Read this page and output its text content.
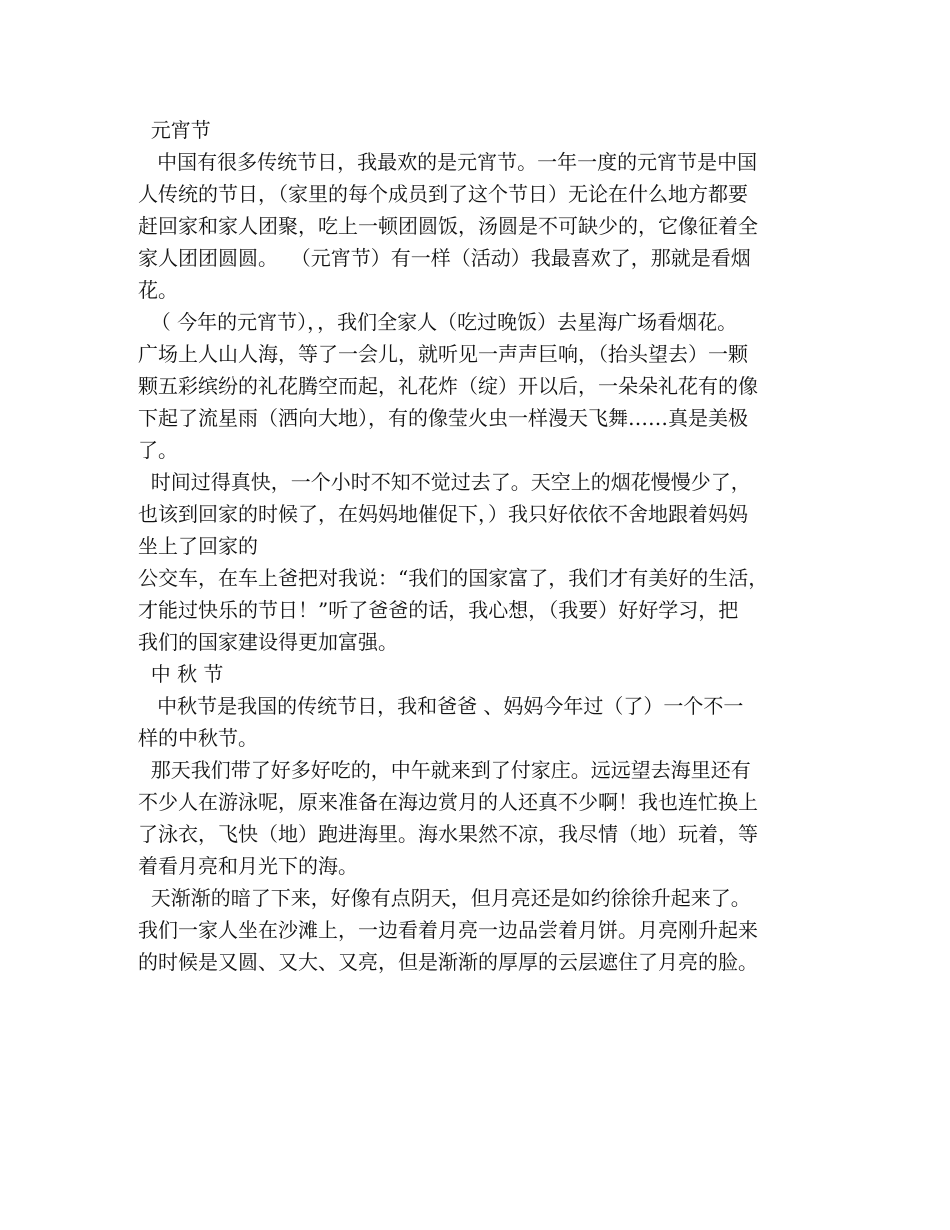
元宵节
中国有很多传统节日，我最欢的是元宵节。一年一度的元宵节是中国
人传统的节日，（家里的每个成员到了这个节日）无论在什么地方都要
赶回家和家人团聚，吃上一顿团圆饭，汤圆是不可缺少的，它像征着全
家人团团圆圆。  （元宵节）有一样（活动）我最喜欢了，那就是看烟
花。
（ 今年的元宵节），，我们全家人（吃过晚饭）去星海广场看烟花。
广场上人山人海，等了一会儿，就听见一声声巨响，（抬头望去）一颗
颗五彩缤纷的礼花腾空而起，礼花炸（绽）开以后，一朵朵礼花有的像
下起了流星雨（洒向大地），有的像莹火虫一样漫天飞舞……真是美极
了。
时间过得真快，一个小时不知不觉过去了。天空上的烟花慢慢少了，
也该到回家的时候了，在妈妈地催促下，）我只好依依不舍地跟着妈妈
坐上了回家的
公交车，在车上爸把对我说：“我们的国家富了，我们才有美好的生活，
才能过快乐的节日！”听了爸爸的话，我心想，（我要）好好学习，把
我们的国家建设得更加富强。
中 秋 节
中秋节是我国的传统节日，我和爸爸 、妈妈今年过（了）一个不一
样的中秋节。
那天我们带了好多好吃的，中午就来到了付家庄。远远望去海里还有
不少人在游泳呢，原来准备在海边赏月的人还真不少啊！我也连忙换上
了泳衣，飞快（地）跑进海里。海水果然不凉，我尽情（地）玩着，等
着看月亮和月光下的海。
天渐渐的暗了下来，好像有点阴天，但月亮还是如约徐徐升起来了。
我们一家人坐在沙滩上，一边看着月亮一边品尝着月饼。月亮刚升起来
的时候是又圆、又大、又亮，但是渐渐的厚厚的云层遮住了月亮的脸。
